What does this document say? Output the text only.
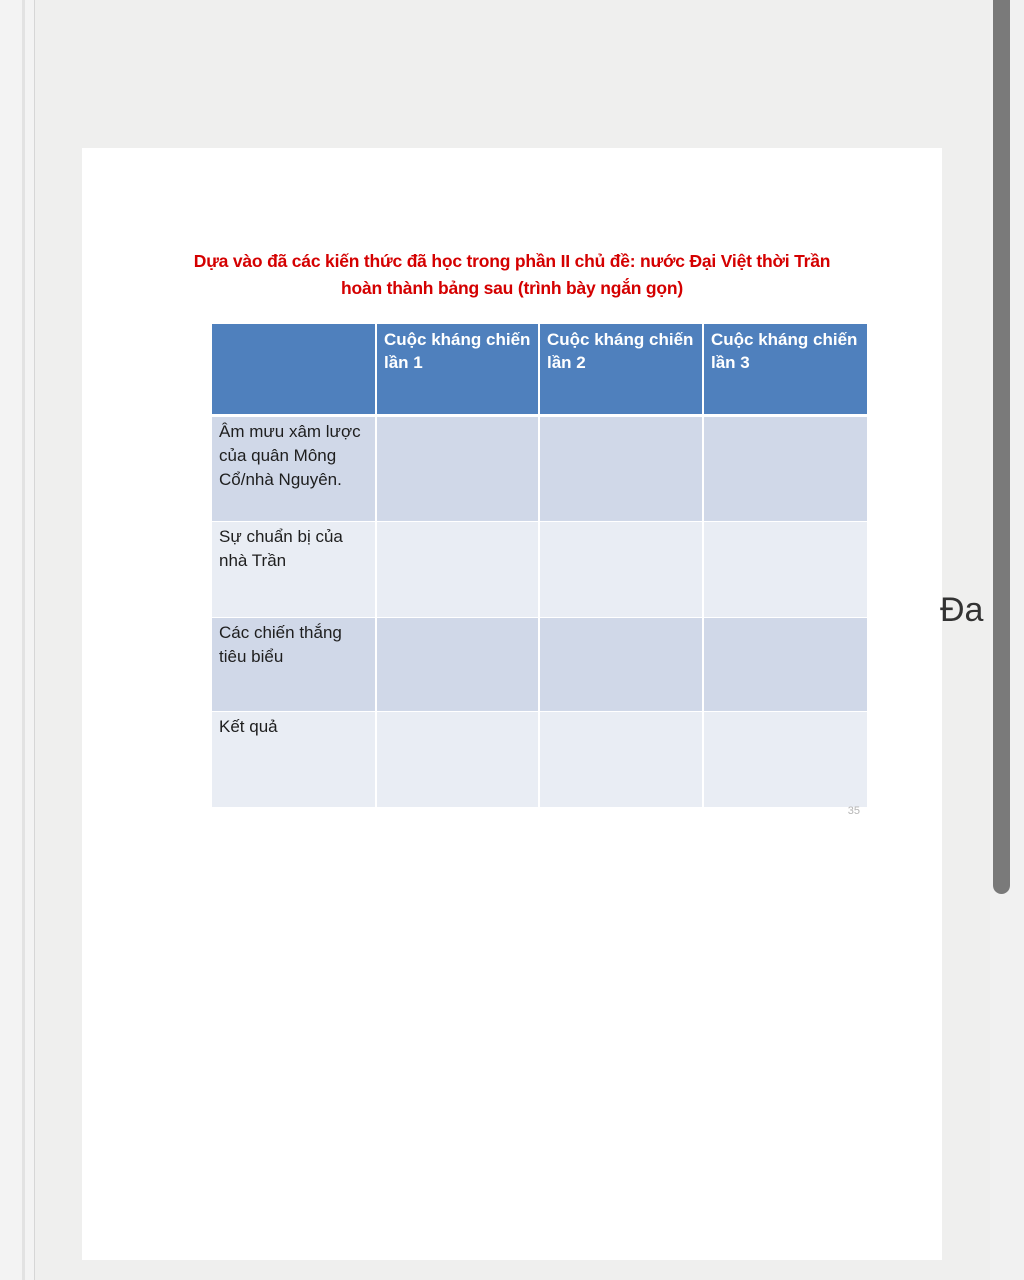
Dựa vào đã các kiến thức đã học trong phần II chủ đề: nước Đại Việt thời Trần hoàn thành bảng sau (trình bày ngắn gọn)
	Cuộc kháng chiến lần 1	Cuộc kháng chiến lần 2	Cuộc kháng chiến lần 3
Âm mưu xâm lược của quân Mông Cổ/nhà Nguyên.			
Sự chuẩn bị của nhà Trần			
Các chiến thắng tiêu biểu			
Kết quả			
35
Đa
